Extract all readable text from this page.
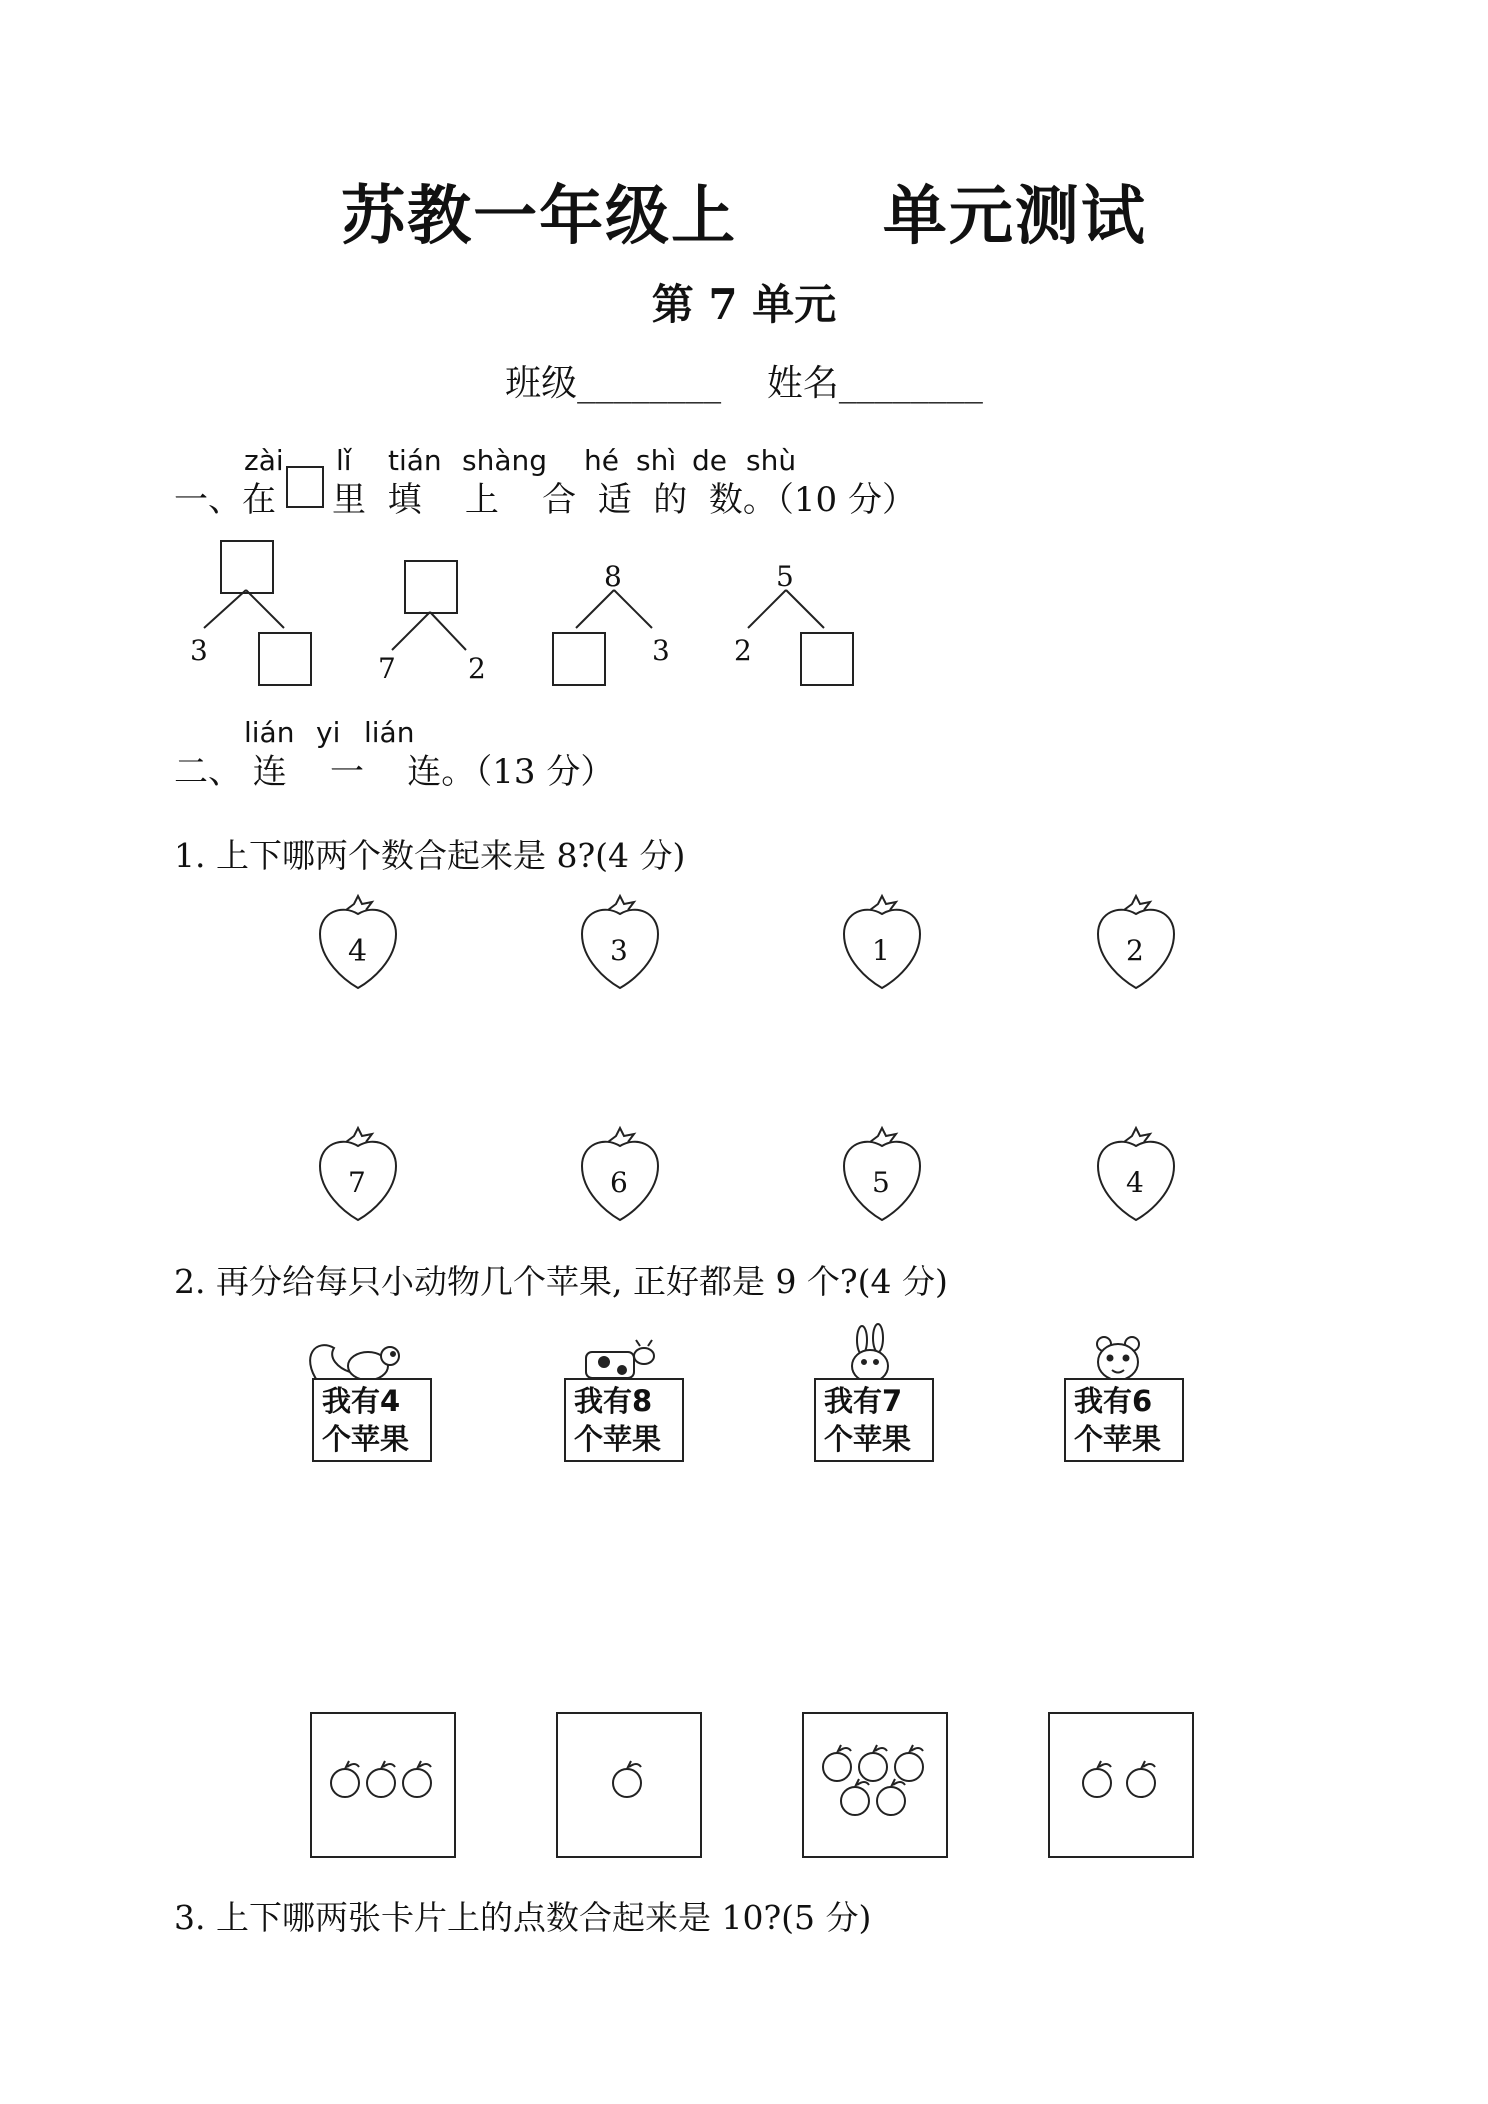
苏教一年级上      单元测试
第 7 单元
班级________ 姓名________
zài lǐ tián shàng hé shì de shù
一、在 里  填    上    合  适  的  数。（10 分）
3
7	2
8
3
5
2
lián yi lián
二、 连    一    连。（13 分）
1. 上下哪两个数合起来是 8?(4 分)
4	3	1	2
7	6	5	4
2. 再分给每只小动物几个苹果, 正好都是 9 个?(4 分)
我有4
个苹果
我有8
个苹果
我有7
个苹果
我有6
个苹果
3. 上下哪两张卡片上的点数合起来是 10?(5 分)
